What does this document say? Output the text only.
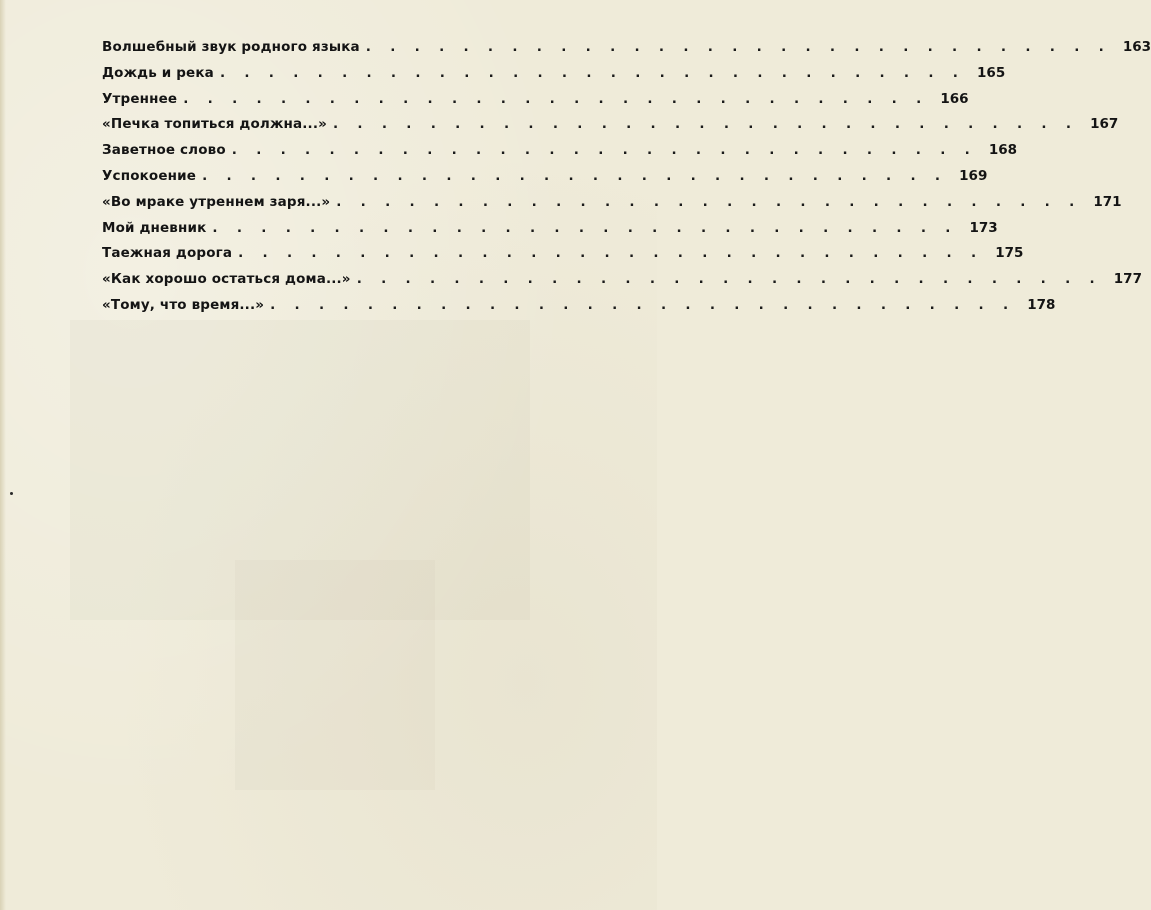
Волшебный звук родного языка . . . . . . . . . . . . . . . . . . . . . . . . . . . . . . . 163
Дождь и река . . . . . . . . . . . . . . . . . . . . . . . . . . . . . . . 165
Утреннее . . . . . . . . . . . . . . . . . . . . . . . . . . . . . . . 166
«Печка топиться должна...» . . . . . . . . . . . . . . . . . . . . . . . . . . . . . . . 167
Заветное слово . . . . . . . . . . . . . . . . . . . . . . . . . . . . . . . 168
Успокоение . . . . . . . . . . . . . . . . . . . . . . . . . . . . . . . 169
«Во мраке утреннем заря...» . . . . . . . . . . . . . . . . . . . . . . . . . . . . . . . 171
Мой дневник . . . . . . . . . . . . . . . . . . . . . . . . . . . . . . . 173
Таежная дорога . . . . . . . . . . . . . . . . . . . . . . . . . . . . . . . 175
«Как хорошо остаться дома...» . . . . . . . . . . . . . . . . . . . . . . . . . . . . . . . 177
«Тому, что время...» . . . . . . . . . . . . . . . . . . . . . . . . . . . . . . . 178
